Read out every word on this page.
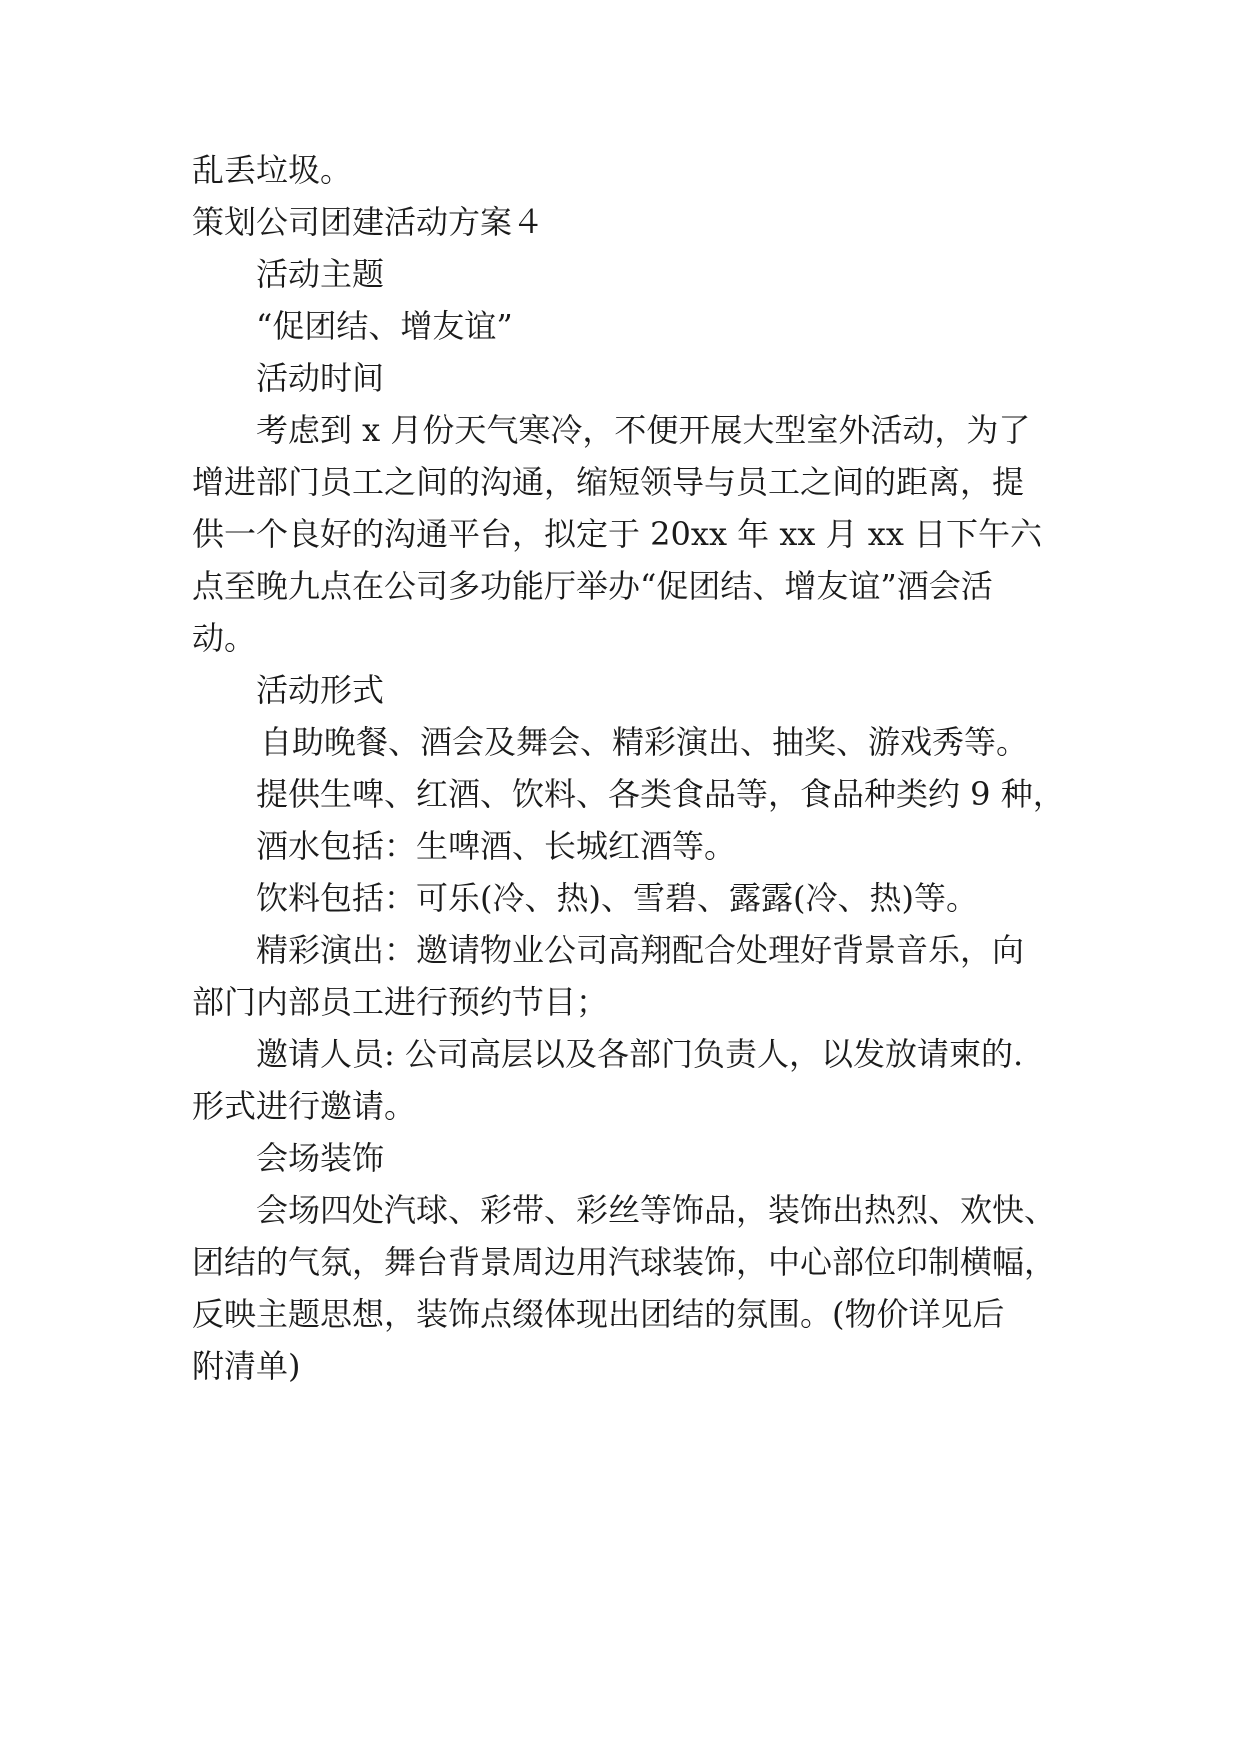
乱丢垃圾。
策划公司团建活动方案４
活动主题
“促团结、增友谊”
活动时间
考虑到 x 月份天气寒冷，不便开展大型室外活动，为了
增进部门员工之间的沟通，缩短领导与员工之间的距离，提
供一个良好的沟通平台，拟定于 20xx 年 xx 月 xx 日下午六
点至晚九点在公司多功能厅举办“促团结、增友谊”酒会活
动。
活动形式
自助晚餐、酒会及舞会、精彩演出、抽奖、游戏秀等。
提供生啤、红酒、饮料、各类食品等，食品种类约 9 种，
酒水包括：生啤酒、长城红酒等。
饮料包括：可乐(冷、热)、雪碧、露露(冷、热)等。
精彩演出：邀请物业公司高翔配合处理好背景音乐，向
部门内部员工进行预约节目；
邀请人员: 公司高层以及各部门负责人，以发放请柬的.
形式进行邀请。
会场装饰
会场四处汽球、彩带、彩丝等饰品，装饰出热烈、欢快、
团结的气氛，舞台背景周边用汽球装饰，中心部位印制横幅，
反映主题思想，装饰点缀体现出团结的氛围。(物价详见后
附清单)
